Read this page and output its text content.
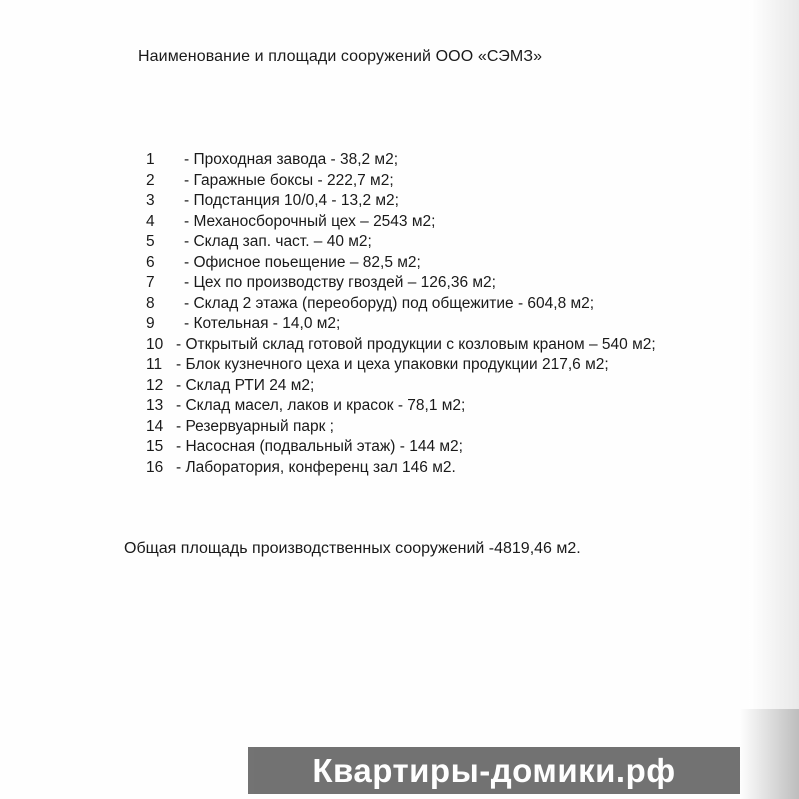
Наименование и площади сооружений ООО «СЭМЗ»
1	- Проходная завода - 38,2 м2;
2	- Гаражные боксы - 222,7 м2;
3	- Подстанция 10/0,4 - 13,2 м2;
4	- Механосборочный цех – 2543 м2;
5	- Склад зап. част. – 40 м2;
6	- Офисное поьещение – 82,5 м2;
7	- Цех по производству гвоздей – 126,36 м2;
8	- Склад 2 этажа (переоборуд) под общежитие - 604,8 м2;
9	- Котельная - 14,0 м2;
10 - Открытый склад готовой продукции с козловым краном – 540 м2;
11 - Блок кузнечного цеха и цеха упаковки продукции 217,6 м2;
12 - Склад РТИ 24 м2;
13 - Склад масел, лаков и красок - 78,1 м2;
14 - Резервуарный парк ;
15 - Насосная (подвальный этаж) - 144 м2;
16 - Лаборатория, конференц зал 146 м2.
Общая площадь производственных сооружений -4819,46 м2.
Квартиры-домики.рф
